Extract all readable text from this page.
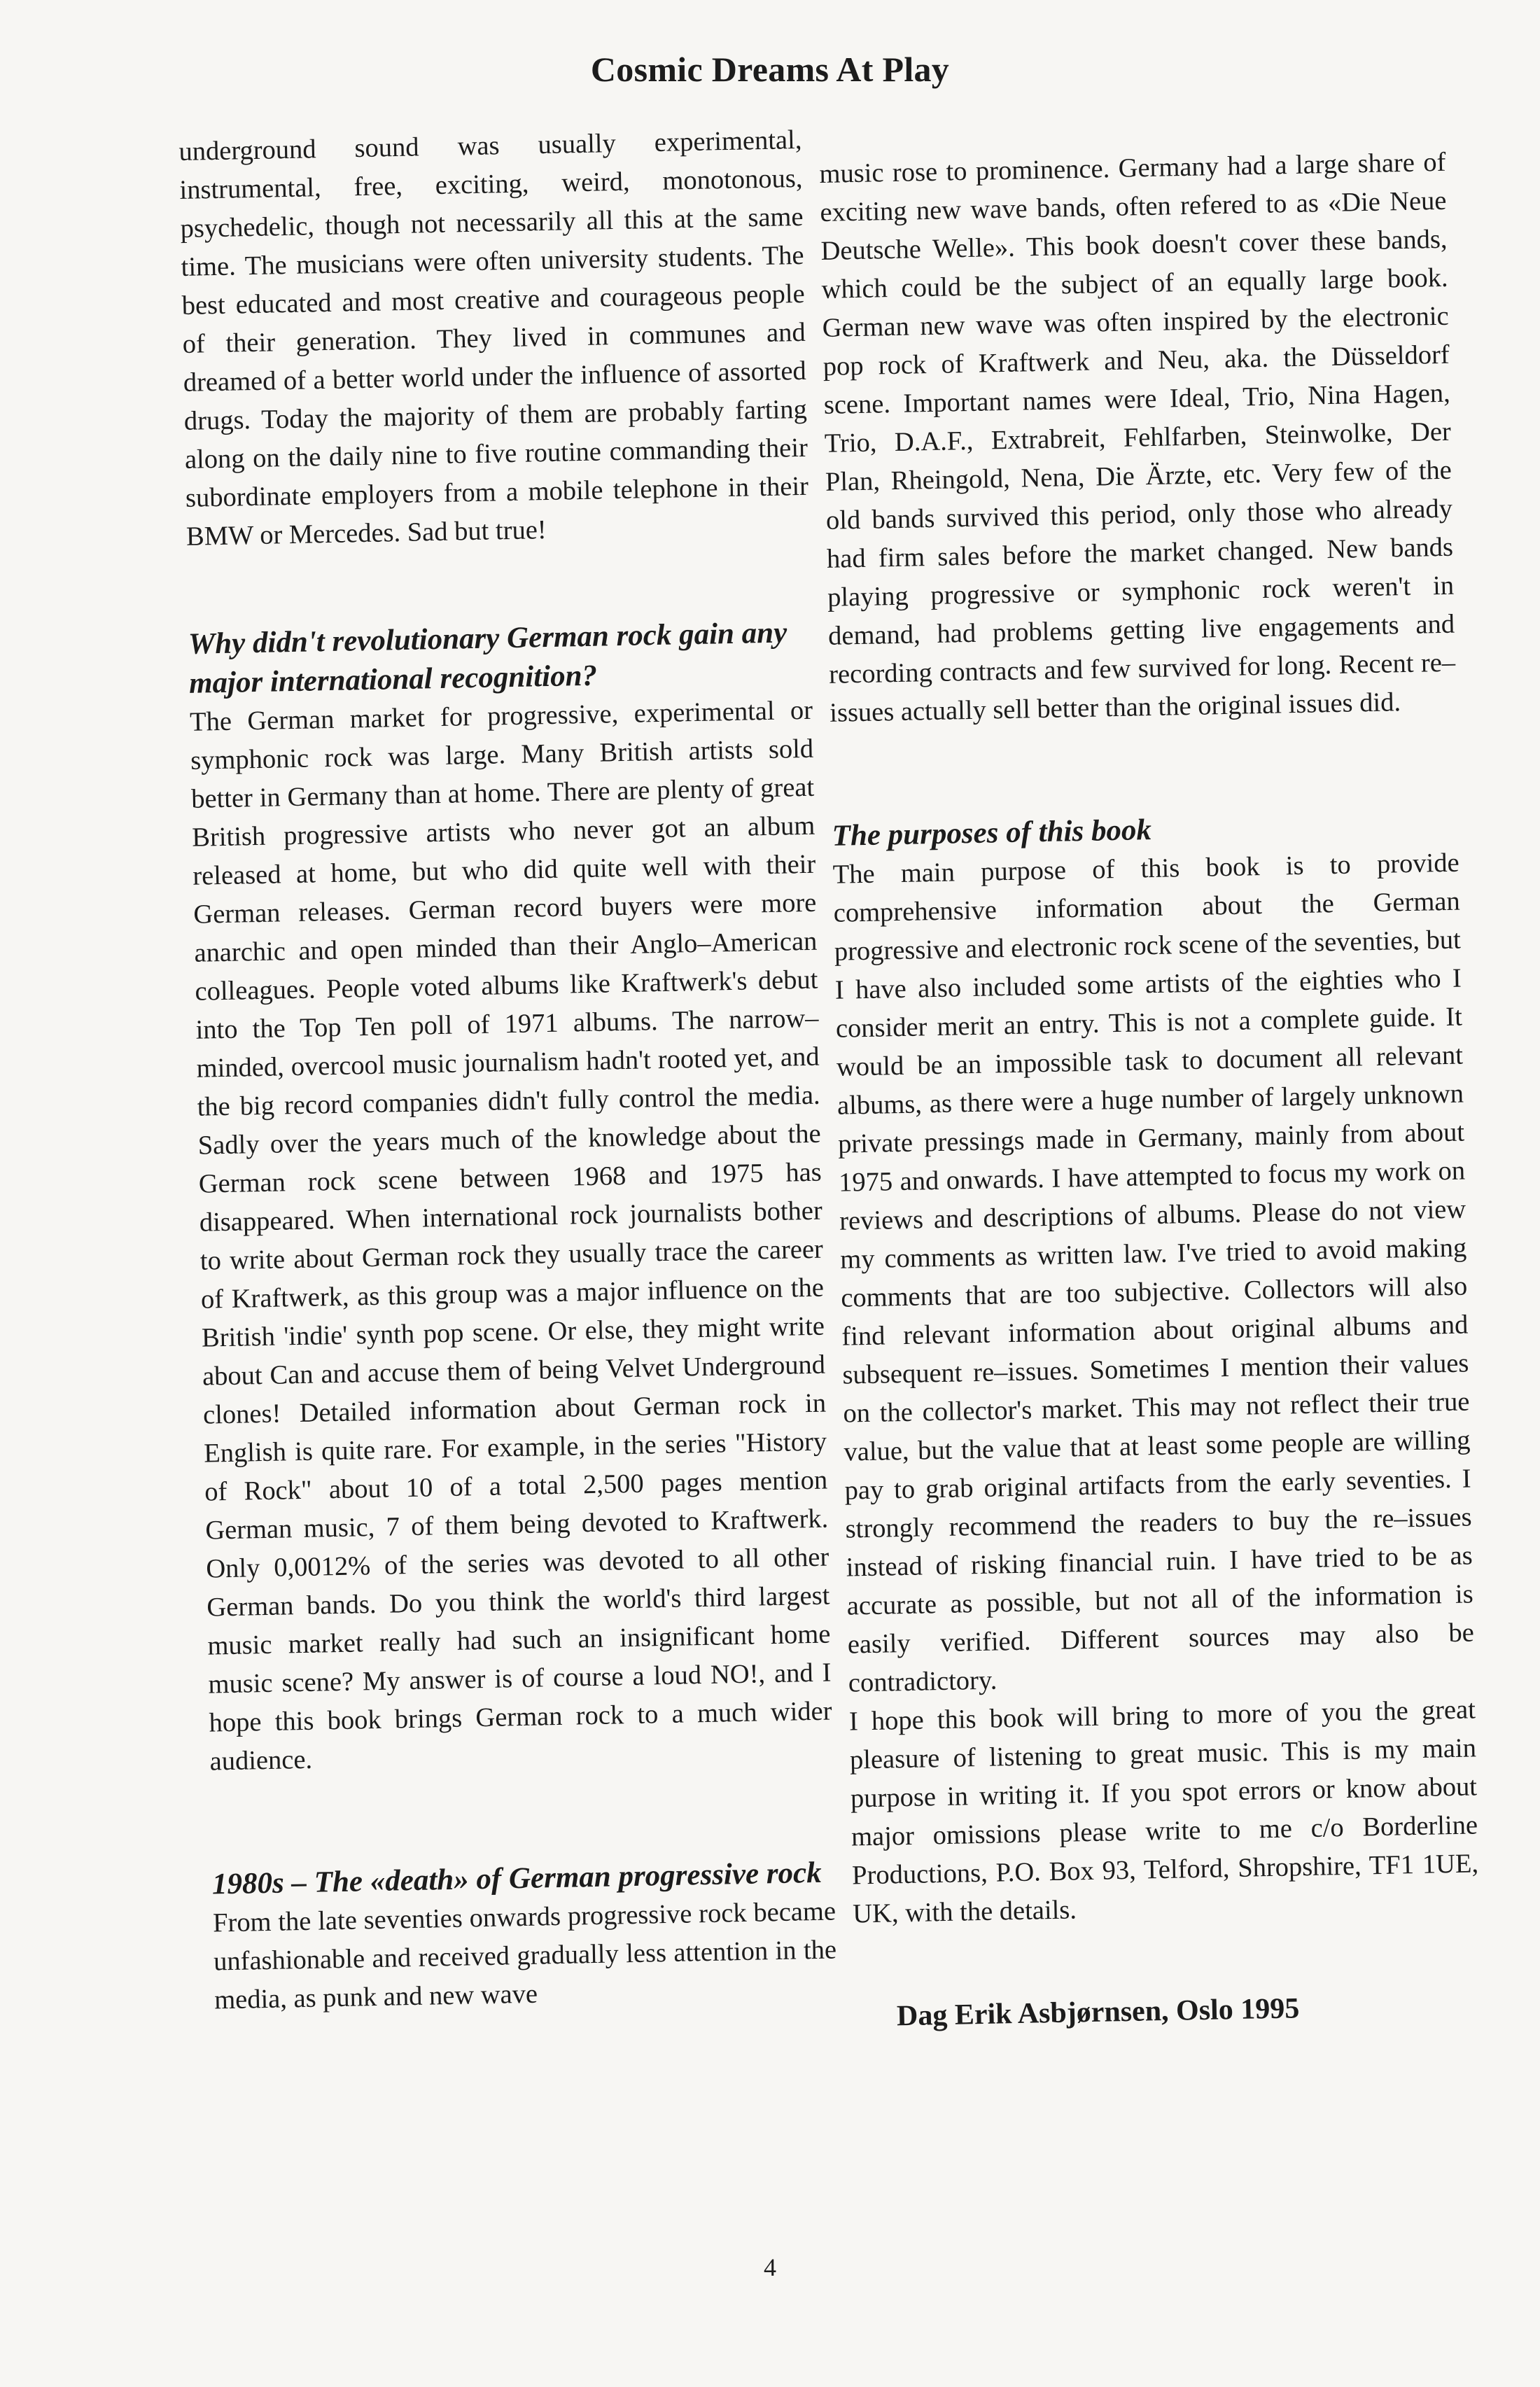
Cosmic Dreams At Play

underground sound was usually experimental, instrumental, free, exciting, weird, monotonous, psychedelic, though not necessarily all this at the same time. The musicians were often university students. The best educated and most creative and courageous people of their generation. They lived in communes and dreamed of a better world under the influence of assorted drugs. Today the majority of them are probably farting along on the daily nine to five routine commanding their subordinate employers from a mobile telephone in their BMW or Mercedes. Sad but true!

Why didn't revolutionary German rock gain any major international recognition?

The German market for progressive, experimental or symphonic rock was large. Many British artists sold better in Germany than at home. There are plenty of great British progressive artists who never got an album released at home, but who did quite well with their German releases. German record buyers were more anarchic and open minded than their Anglo–American colleagues. People voted albums like Kraftwerk's debut into the Top Ten poll of 1971 albums. The narrow–minded, overcool music journalism hadn't rooted yet, and the big record companies didn't fully control the media. Sadly over the years much of the knowledge about the German rock scene between 1968 and 1975 has disappeared. When international rock journalists bother to write about German rock they usually trace the career of Kraftwerk, as this group was a major influence on the British 'indie' synth pop scene. Or else, they might write about Can and accuse them of being Velvet Underground clones! Detailed information about German rock in English is quite rare. For example, in the series "History of Rock" about 10 of a total 2,500 pages mention German music, 7 of them being devoted to Kraftwerk. Only 0,0012% of the series was devoted to all other German bands. Do you think the world's third largest music market really had such an insignificant home music scene? My answer is of course a loud NO!, and I hope this book brings German rock to a much wider audience.

1980s – The «death» of German progressive rock

From the late seventies onwards progressive rock became unfashionable and received gradually less attention in the media, as punk and new wave

music rose to prominence. Germany had a large share of exciting new wave bands, often refered to as «Die Neue Deutsche Welle». This book doesn't cover these bands, which could be the subject of an equally large book. German new wave was often inspired by the electronic pop rock of Kraftwerk and Neu, aka. the Düsseldorf scene. Important names were Ideal, Trio, Nina Hagen, Trio, D.A.F., Extrabreit, Fehlfarben, Steinwolke, Der Plan, Rheingold, Nena, Die Ärzte, etc. Very few of the old bands survived this period, only those who already had firm sales before the market changed. New bands playing progressive or symphonic rock weren't in demand, had problems getting live engagements and recording contracts and few survived for long. Recent re–issues actually sell better than the original issues did.

The purposes of this book

The main purpose of this book is to provide comprehensive information about the German progressive and electronic rock scene of the seventies, but I have also included some artists of the eighties who I consider merit an entry. This is not a complete guide. It would be an impossible task to document all relevant albums, as there were a huge number of largely unknown private pressings made in Germany, mainly from about 1975 and onwards. I have attempted to focus my work on reviews and descriptions of albums. Please do not view my comments as written law. I've tried to avoid making comments that are too subjective. Collectors will also find relevant information about original albums and subsequent re–issues. Sometimes I mention their values on the collector's market. This may not reflect their true value, but the value that at least some people are willing pay to grab original artifacts from the early seventies. I strongly recommend the readers to buy the re–issues instead of risking financial ruin. I have tried to be as accurate as possible, but not all of the information is easily verified. Different sources may also be contradictory.

I hope this book will bring to more of you the great pleasure of listening to great music. This is my main purpose in writing it. If you spot errors or know about major omissions please write to me c/o Borderline Productions, P.O. Box 93, Telford, Shropshire, TF1 1UE, UK, with the details.

Dag Erik Asbjørnsen, Oslo 1995

4
